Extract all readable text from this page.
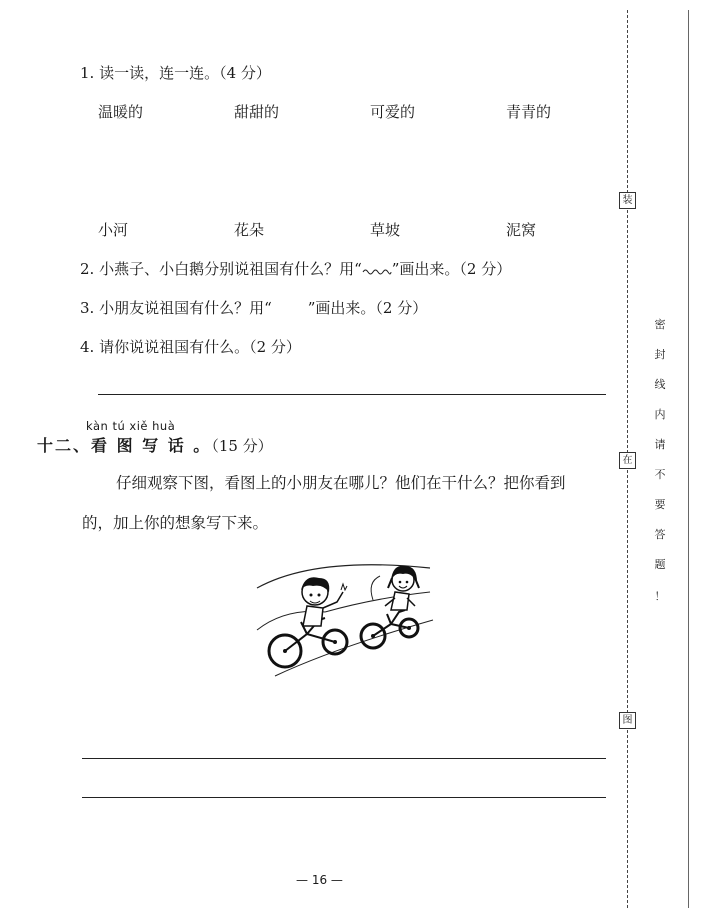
1. 读一读，连一连。（4 分）
温暖的	甜甜的	可爱的	青青的
小河	花朵	草坡	泥窝
2. 小燕子、小白鹅分别说祖国有什么？用“ ”画出来。（2 分）
3. 小朋友说祖国有什么？用“ ”画出来。（2 分）
4. 请你说说祖国有什么。（2 分）
kàn tú xiě huà
十二、看 图 写 话 。（15 分）
仔细观察下图，看图上的小朋友在哪儿？他们在干什么？把你看到
的，加上你的想象写下来。
— 16 —
装
在
图
密
封
线
内
请
不
要
答
题
！
